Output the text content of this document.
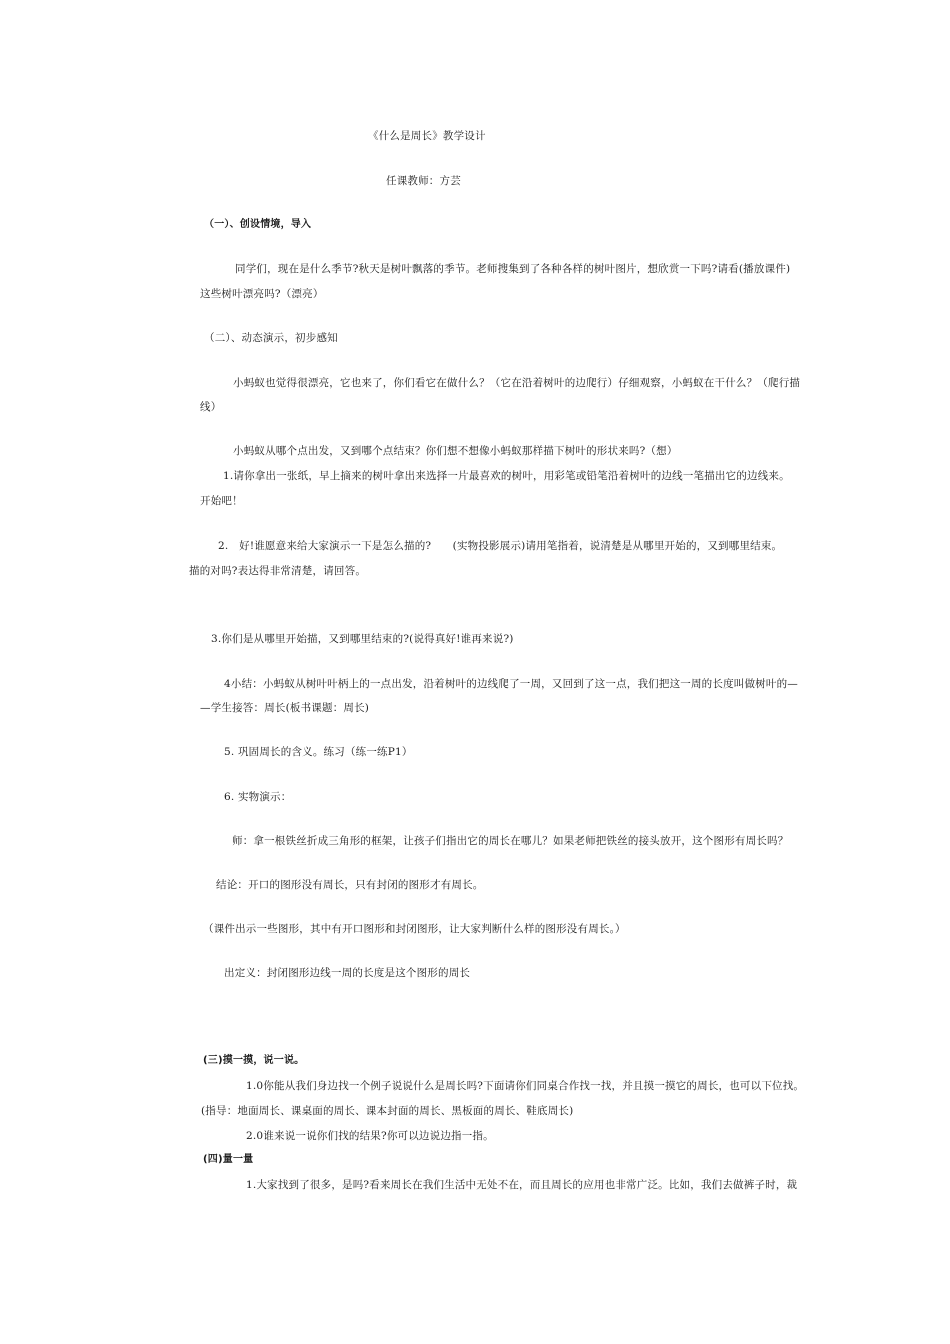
《什么是周长》教学设计
任课教师：方芸
（一）、创设情境，导入
同学们，现在是什么季节?秋天是树叶飘落的季节。老师搜集到了各种各样的树叶图片，想欣赏一下吗?请看(播放课件)
这些树叶漂亮吗?（漂亮）
（二）、动态演示，初步感知
小蚂蚁也觉得很漂亮，它也来了，你们看它在做什么？（它在沿着树叶的边爬行）仔细观察，小蚂蚁在干什么？（爬行描
线）
小蚂蚁从哪个点出发，又到哪个点结束？你们想不想像小蚂蚁那样描下树叶的形状来吗?（想）
1.请你拿出一张纸，早上摘来的树叶拿出来选择一片最喜欢的树叶，用彩笔或铅笔沿着树叶的边线一笔描出它的边线来。
开始吧！
2.　好!谁愿意来给大家演示一下是怎么描的?　　(实物投影展示)请用笔指着，说清楚是从哪里开始的，又到哪里结束。
描的对吗?表达得非常清楚，请回答。
3.你们是从哪里开始描，又到哪里结束的?(说得真好!谁再来说?)
4小结：小蚂蚁从树叶叶柄上的一点出发，沿着树叶的边线爬了一周，又回到了这一点，我们把这一周的长度叫做树叶的—
—学生接答：周长(板书课题：周长)
5. 巩固周长的含义。练习（练一练P1）
6. 实物演示：
师：拿一根铁丝折成三角形的框架，让孩子们指出它的周长在哪儿？如果老师把铁丝的接头放开，这个图形有周长吗？
结论：开口的图形没有周长，只有封闭的图形才有周长。
（课件出示一些图形，其中有开口图形和封闭图形，让大家判断什么样的图形没有周长。）
出定义：封闭图形边线一周的长度是这个图形的周长
(三)摸一摸，说一说。
1.0你能从我们身边找一个例子说说什么是周长吗?下面请你们同桌合作找一找，并且摸一摸它的周长，也可以下位找。
(指导：地面周长、课桌面的周长、课本封面的周长、黑板面的周长、鞋底周长)
2.0谁来说一说你们找的结果?你可以边说边指一指。
(四)量一量
1.大家找到了很多，是吗?看来周长在我们生活中无处不在，而且周长的应用也非常广泛。比如，我们去做裤子时，裁
